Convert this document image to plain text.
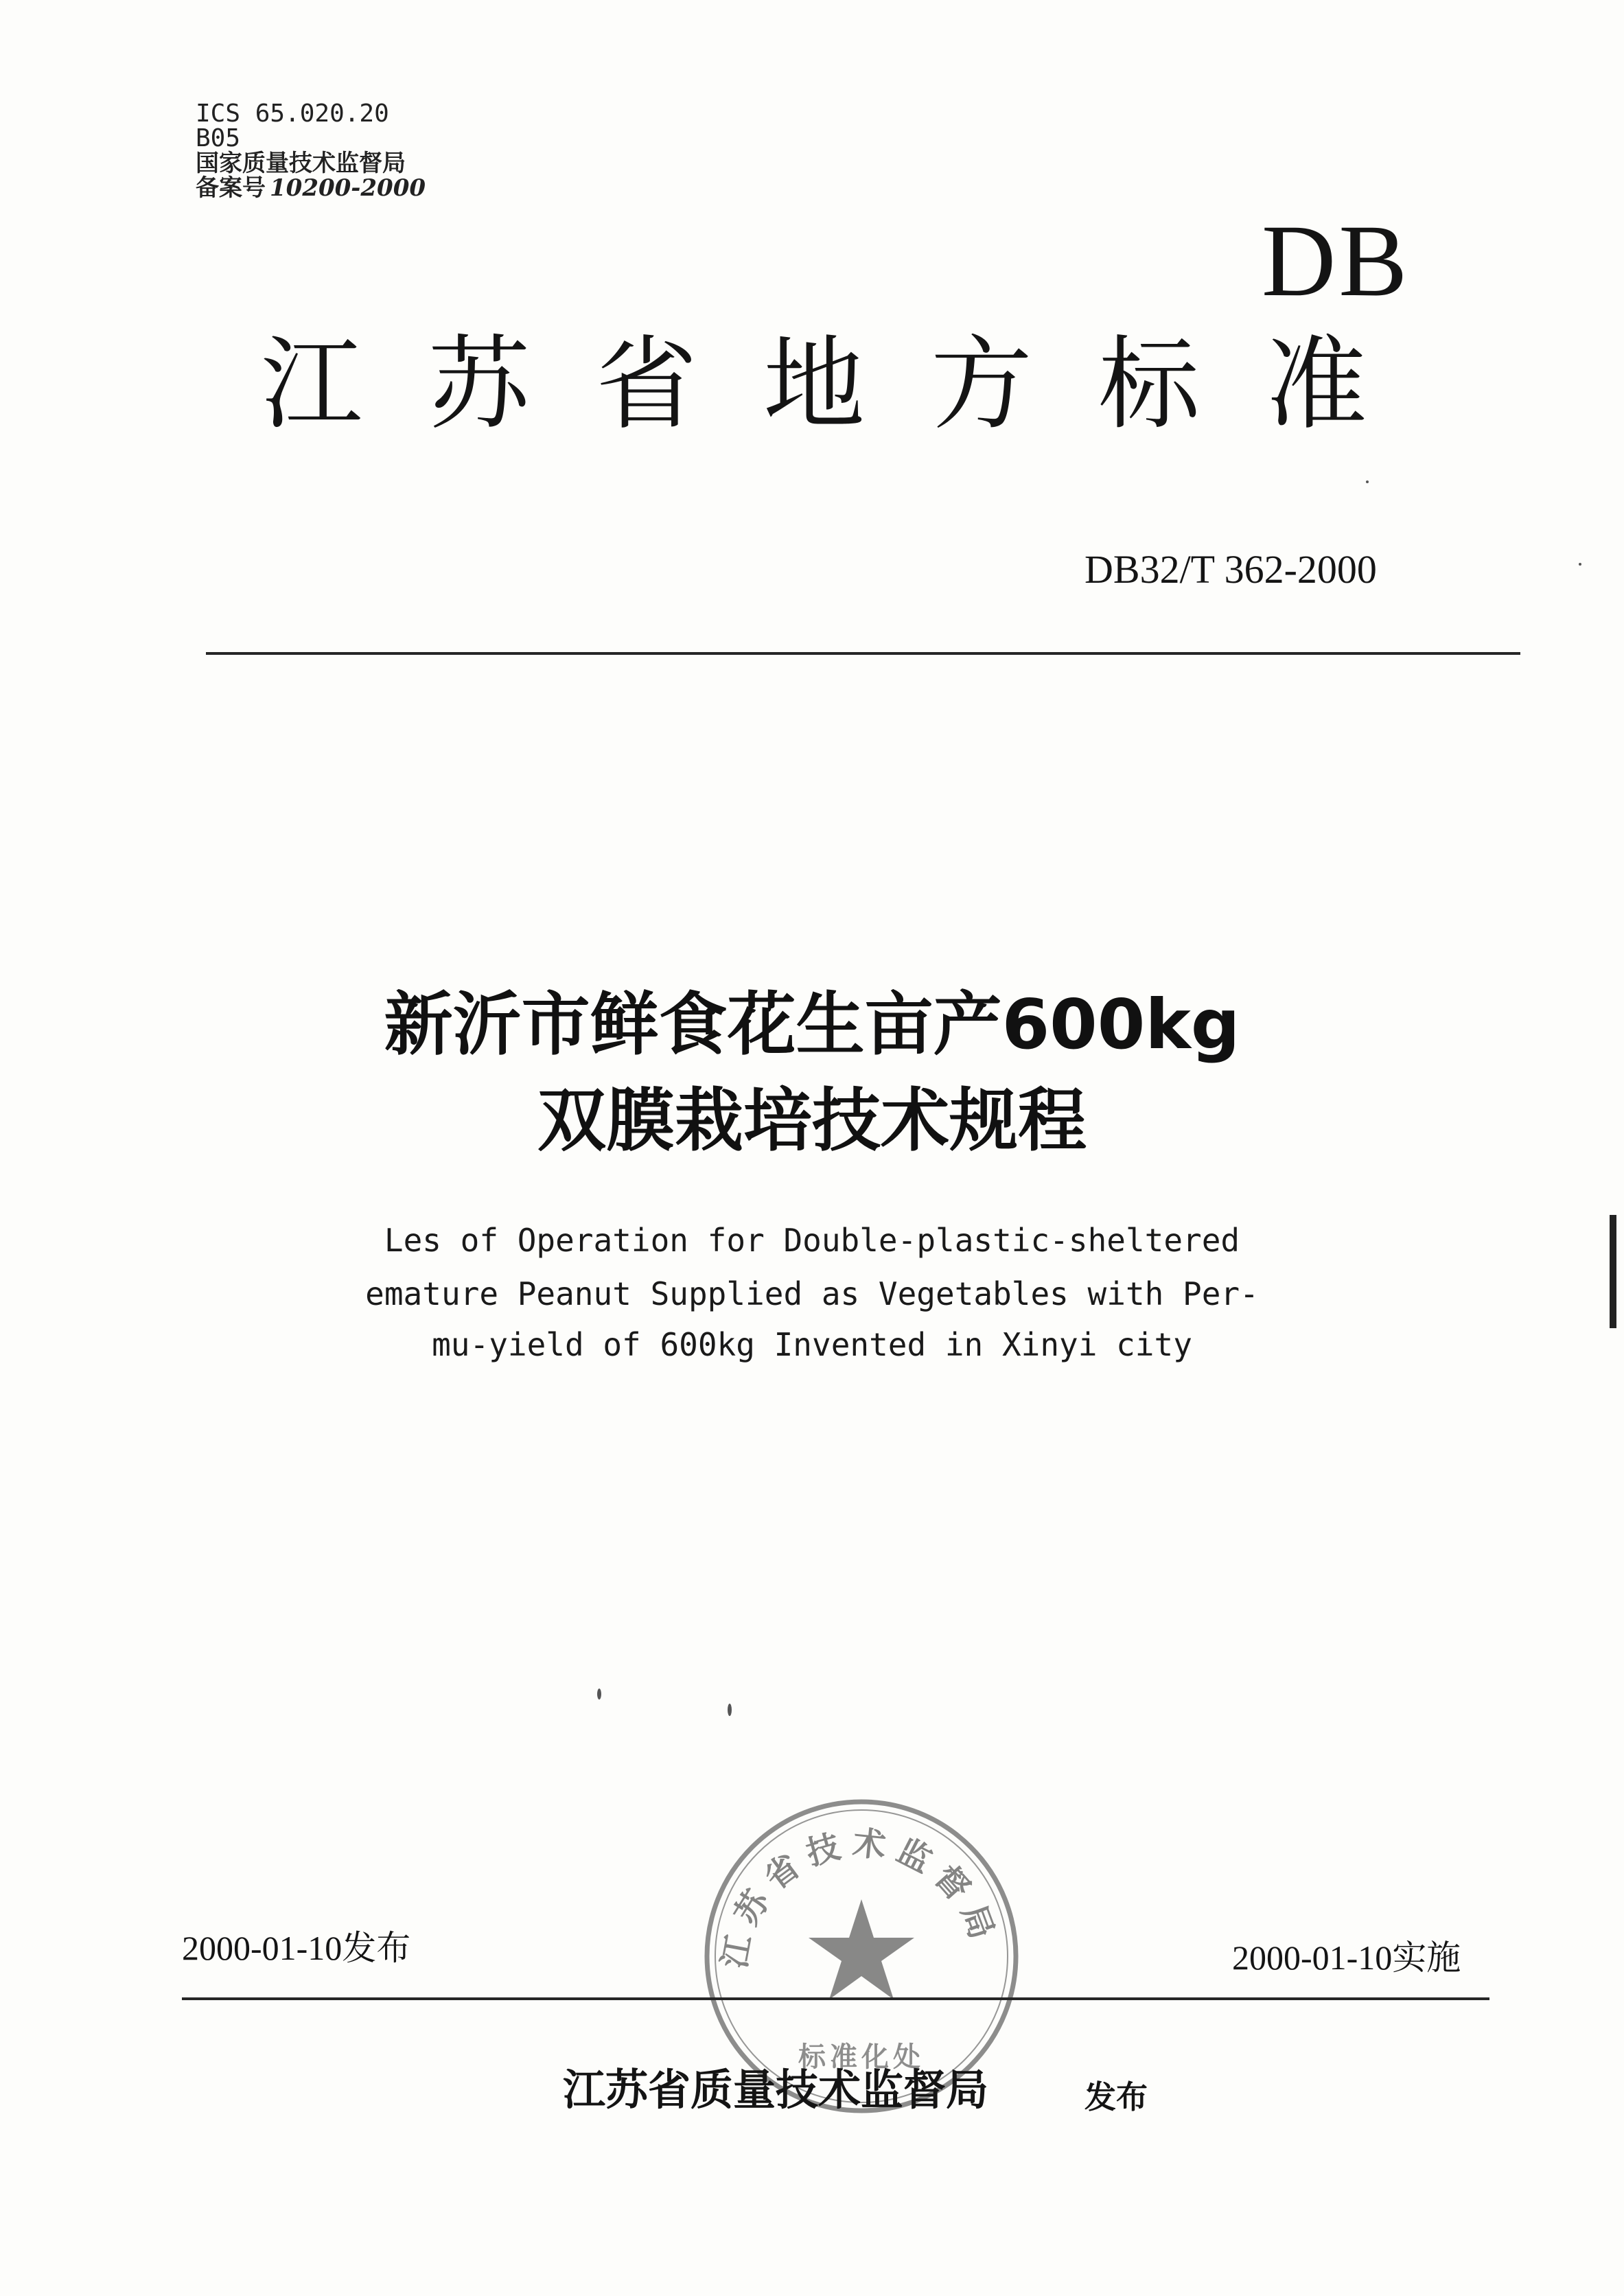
ICS 65.020.20
B05
国家质量技术监督局
备案号 10200-2000
DB
江苏省地方标准
DB32/T 362-2000
新沂市鲜食花生亩产600kg
双膜栽培技术规程
Les of Operation for Double-plastic-sheltered
emature Peanut Supplied as Vegetables with Per-
mu-yield of 600kg Invented in Xinyi city
江苏省技术监督局
标准化处
2000-01-10发布	2000-01-10实施
江苏省质量技术监督局	发布
